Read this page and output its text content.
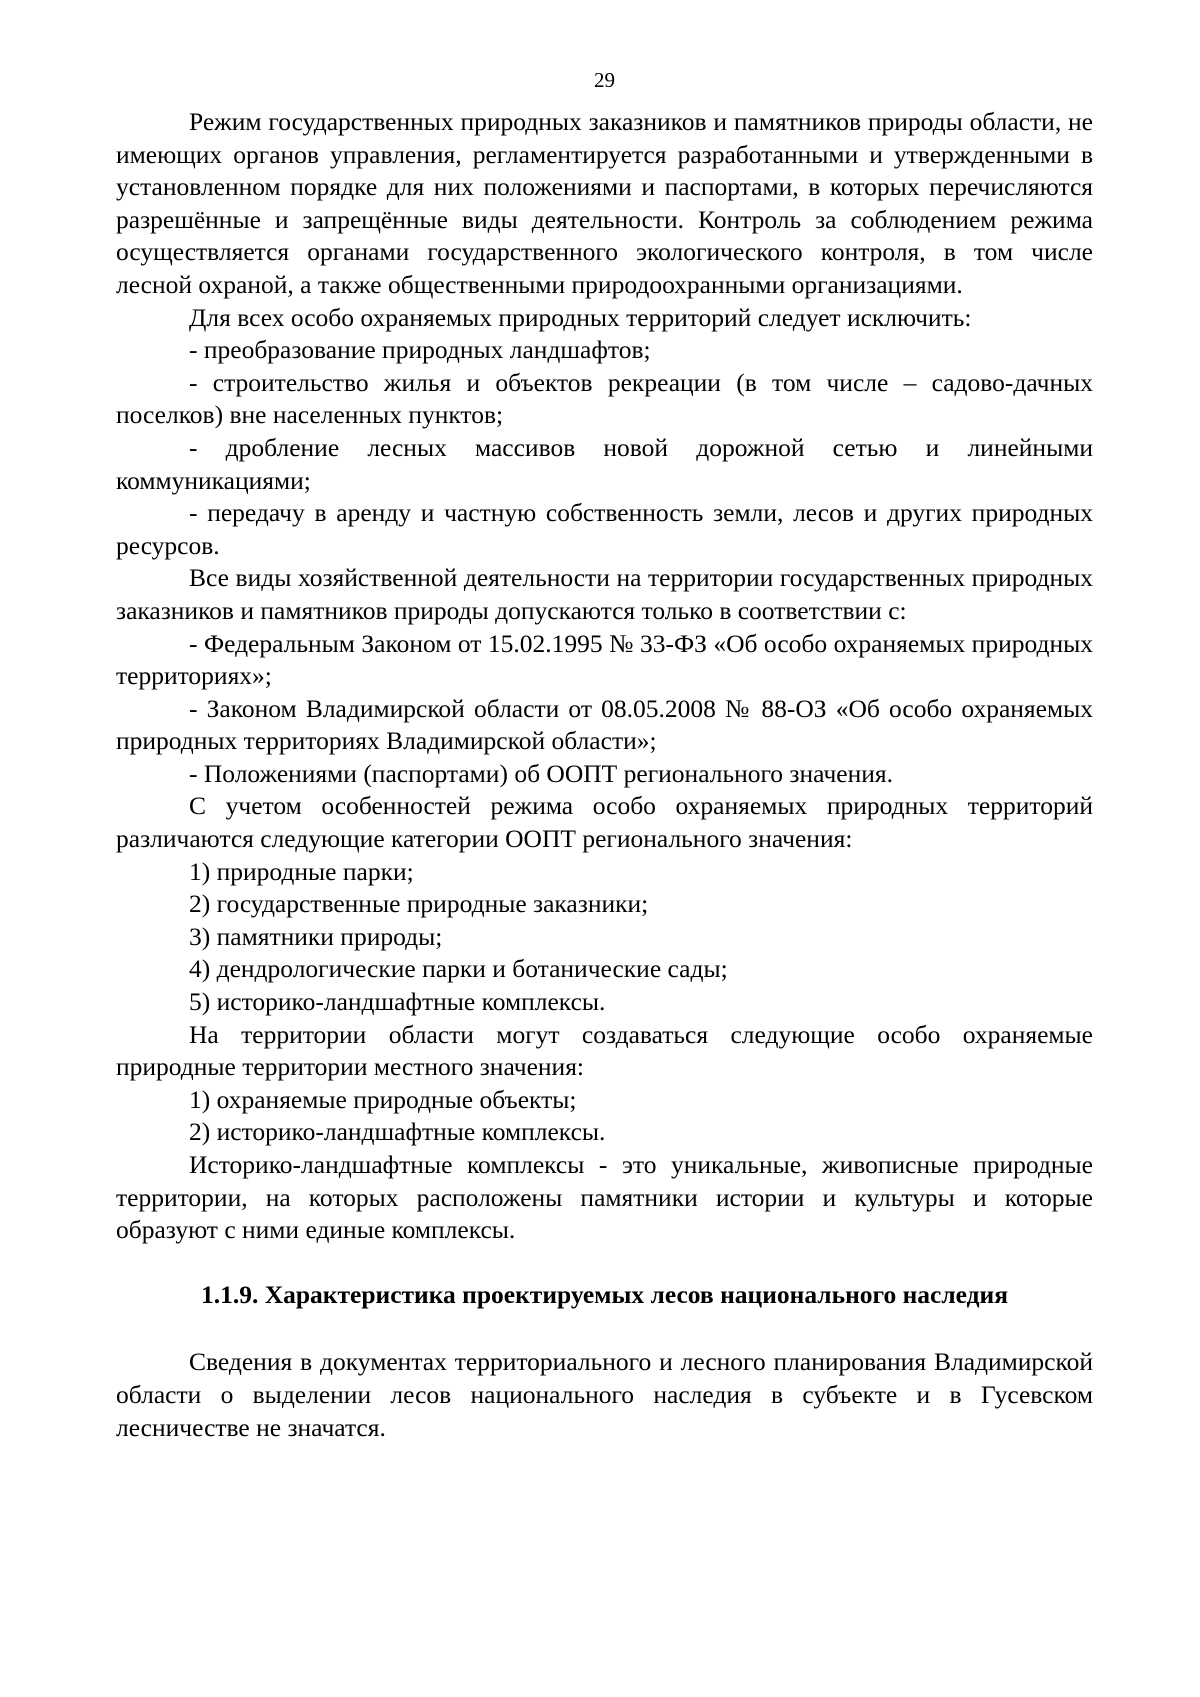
29

Режим государственных природных заказников и памятников природы области, не имеющих органов управления, регламентируется разработанными и утвержденными в установленном порядке для них положениями и паспортами, в которых перечисляются разрешённые и запрещённые виды деятельности. Контроль за соблюдением режима осуществляется органами государственного экологического контроля, в том числе лесной охраной, а также общественными природоохранными организациями.

Для всех особо охраняемых природных территорий следует исключить:

- преобразование природных ландшафтов;

- строительство жилья и объектов рекреации (в том числе – садово-дачных поселков) вне населенных пунктов;

- дробление лесных массивов новой дорожной сетью и линейными коммуникациями;

- передачу в аренду и частную собственность земли, лесов и других природных ресурсов.

Все виды хозяйственной деятельности на территории государственных природных заказников и памятников природы допускаются только в соответствии с:

- Федеральным Законом от 15.02.1995 № 33-ФЗ «Об особо охраняемых природных территориях»;

- Законом Владимирской области от 08.05.2008 № 88-ОЗ «Об особо охраняемых природных территориях Владимирской области»;

- Положениями (паспортами) об ООПТ регионального значения.

С учетом особенностей режима особо охраняемых природных территорий различаются следующие категории ООПТ регионального значения:

1) природные парки;

2) государственные природные заказники;

3) памятники природы;

4) дендрологические парки и ботанические сады;

5) историко-ландшафтные комплексы.

На территории области могут создаваться следующие особо охраняемые природные территории местного значения:

1) охраняемые природные объекты;

2) историко-ландшафтные комплексы.

Историко-ландшафтные комплексы - это уникальные, живописные природные территории, на которых расположены памятники истории и культуры и которые образуют с ними единые комплексы.

1.1.9. Характеристика проектируемых лесов национального наследия

Сведения в документах территориального и лесного планирования Владимирской области о выделении лесов национального наследия в субъекте и в Гусевском лесничестве не значатся.
